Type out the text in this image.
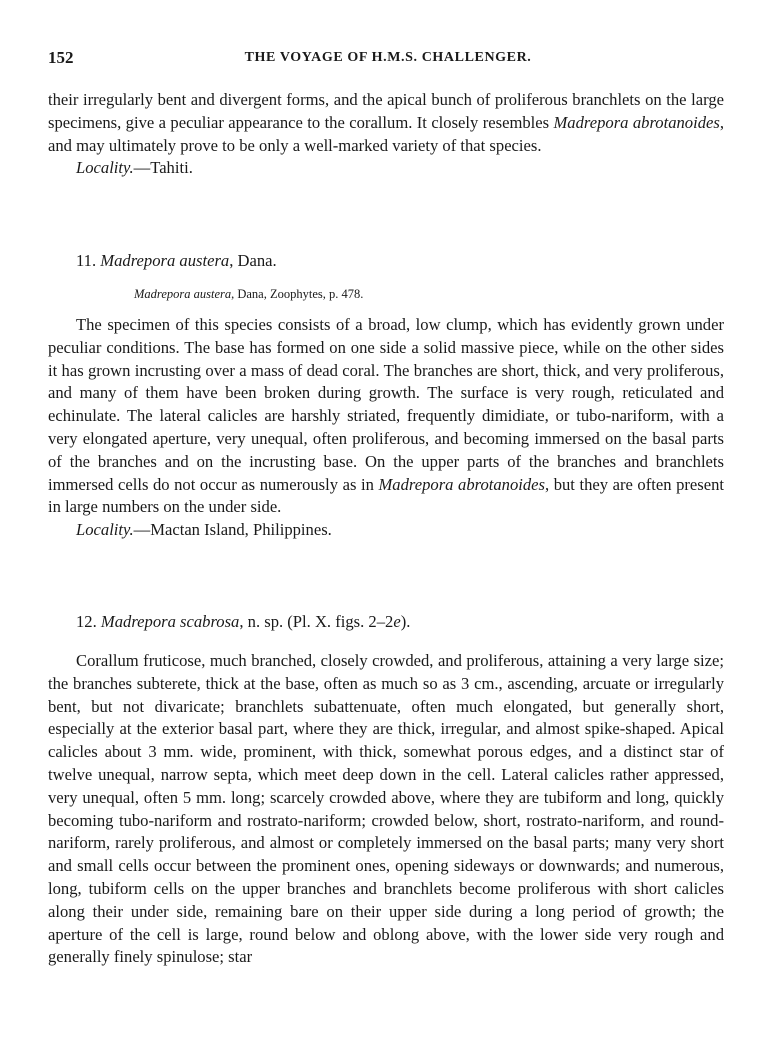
152	THE VOYAGE OF H.M.S. CHALLENGER.

their irregularly bent and divergent forms, and the apical bunch of proliferous branchlets on the large specimens, give a peculiar appearance to the corallum. It closely resembles Madrepora abrotanoides, and may ultimately prove to be only a well-marked variety of that species.

Locality.—Tahiti.

11. Madrepora austera, Dana.

Madrepora austera, Dana, Zoophytes, p. 478.

The specimen of this species consists of a broad, low clump, which has evidently grown under peculiar conditions. The base has formed on one side a solid massive piece, while on the other sides it has grown incrusting over a mass of dead coral. The branches are short, thick, and very proliferous, and many of them have been broken during growth. The surface is very rough, reticulated and echinulate. The lateral calicles are harshly striated, frequently dimidiate, or tubo-nariform, with a very elongated aperture, very unequal, often proliferous, and becoming immersed on the basal parts of the branches and on the incrusting base. On the upper parts of the branches and branchlets immersed cells do not occur as numerously as in Madrepora abrotanoides, but they are often present in large numbers on the under side.

Locality.—Mactan Island, Philippines.

12. Madrepora scabrosa, n. sp. (Pl. X. figs. 2–2e).

Corallum fruticose, much branched, closely crowded, and proliferous, attaining a very large size; the branches subterete, thick at the base, often as much so as 3 cm., ascending, arcuate or irregularly bent, but not divaricate; branchlets subattenuate, often much elongated, but generally short, especially at the exterior basal part, where they are thick, irregular, and almost spike-shaped. Apical calicles about 3 mm. wide, prominent, with thick, somewhat porous edges, and a distinct star of twelve unequal, narrow septa, which meet deep down in the cell. Lateral calicles rather appressed, very unequal, often 5 mm. long; scarcely crowded above, where they are tubiform and long, quickly becoming tubo-nariform and rostrato-nariform; crowded below, short, rostrato-nariform, and round-nariform, rarely proliferous, and almost or completely immersed on the basal parts; many very short and small cells occur between the prominent ones, opening sideways or downwards; and numerous, long, tubiform cells on the upper branches and branchlets become proliferous with short calicles along their under side, remaining bare on their upper side during a long period of growth; the aperture of the cell is large, round below and oblong above, with the lower side very rough and generally finely spinulose; star
